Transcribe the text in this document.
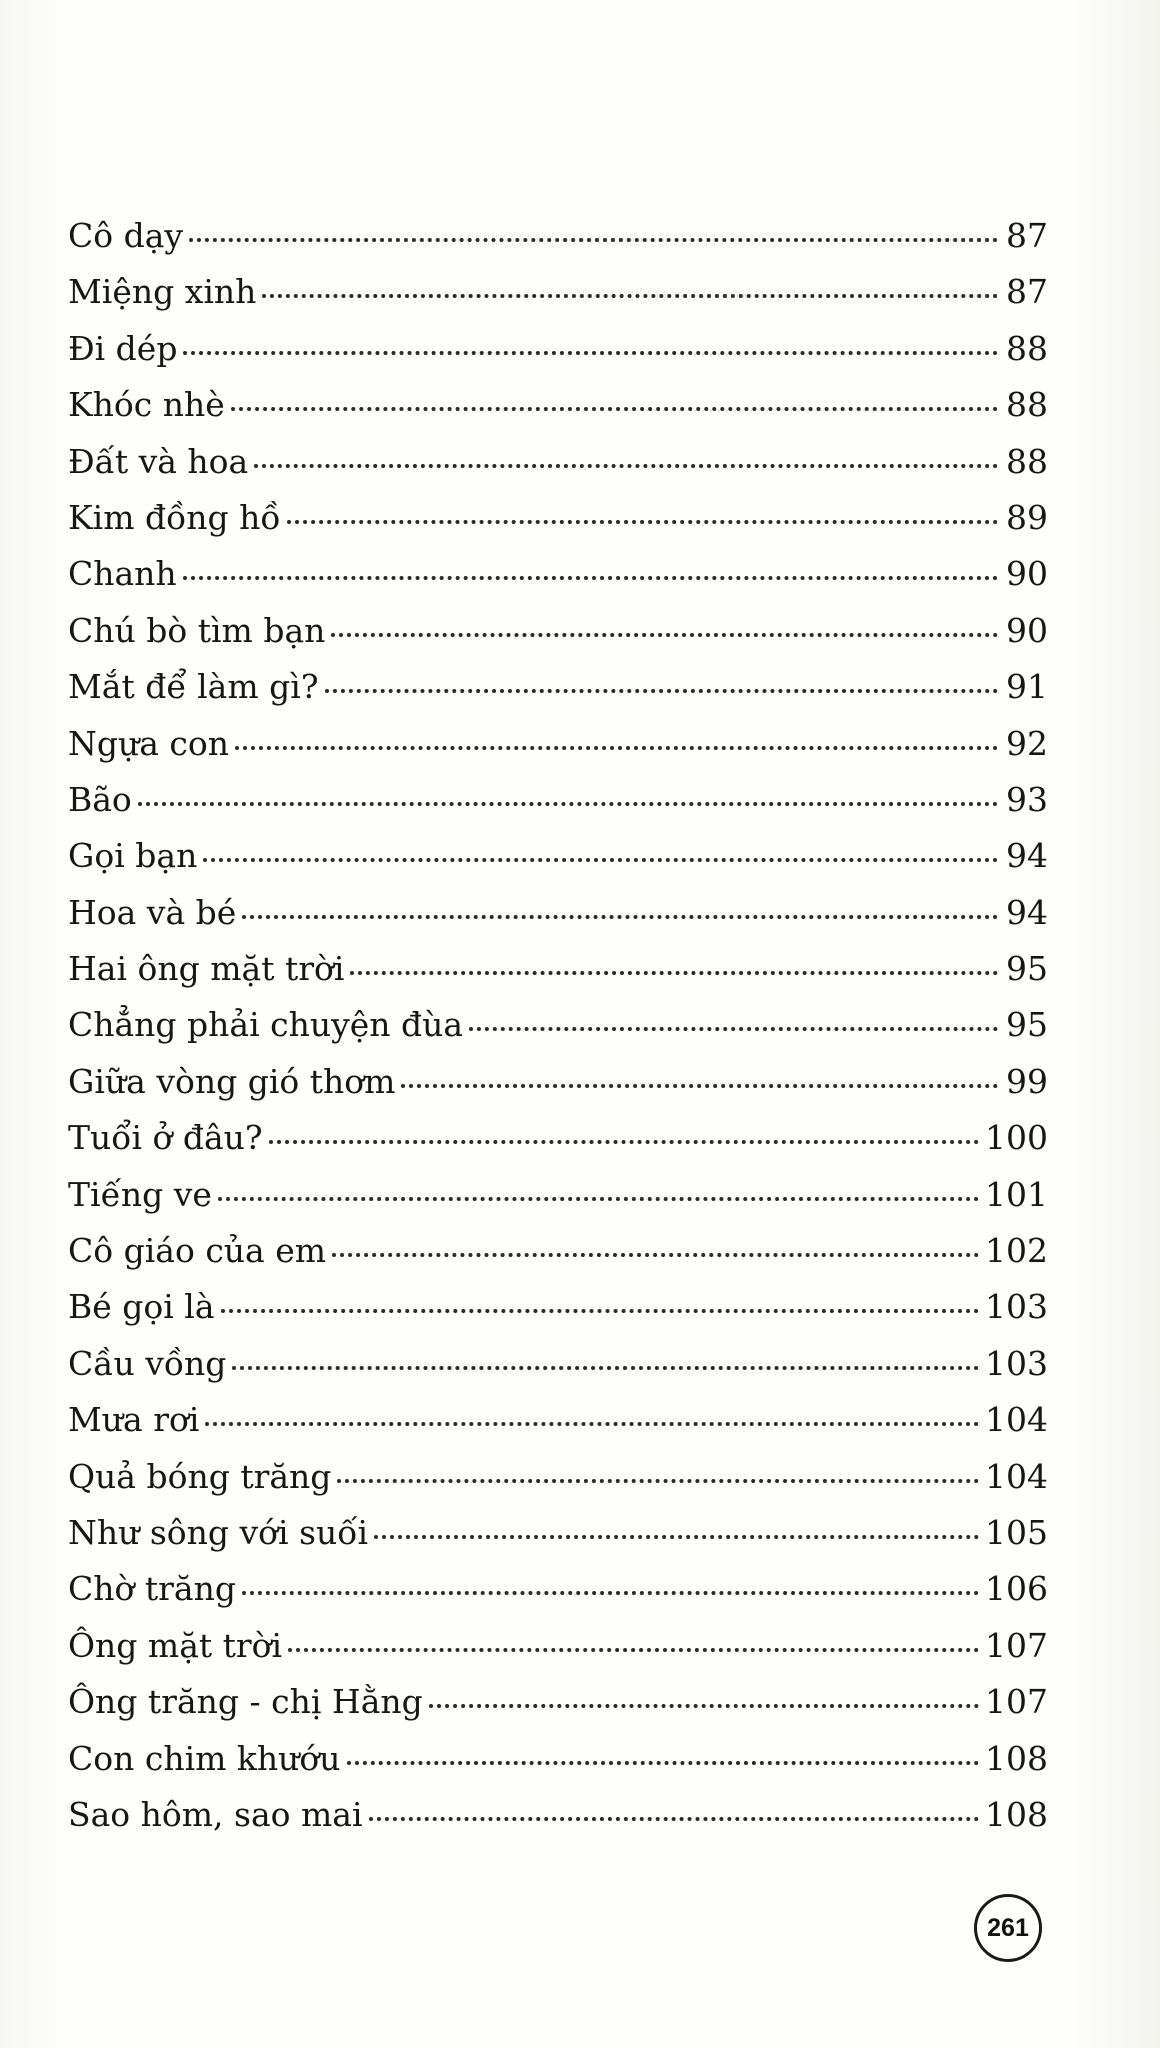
Cô dạy	87
Miệng xinh	87
Đi dép	88
Khóc nhè	88
Đất và hoa	88
Kim đồng hồ	89
Chanh	90
Chú bò tìm bạn	90
Mắt để làm gì?	91
Ngựa con	92
Bão	93
Gọi bạn	94
Hoa và bé	94
Hai ông mặt trời	95
Chẳng phải chuyện đùa	95
Giữa vòng gió thơm	99
Tuổi ở đâu?	100
Tiếng ve	101
Cô giáo của em	102
Bé gọi là	103
Cầu vồng	103
Mưa rơi	104
Quả bóng trăng	104
Như sông với suối	105
Chờ trăng	106
Ông mặt trời	107
Ông trăng - chị Hằng	107
Con chim khướu	108
Sao hôm, sao mai	108
261
